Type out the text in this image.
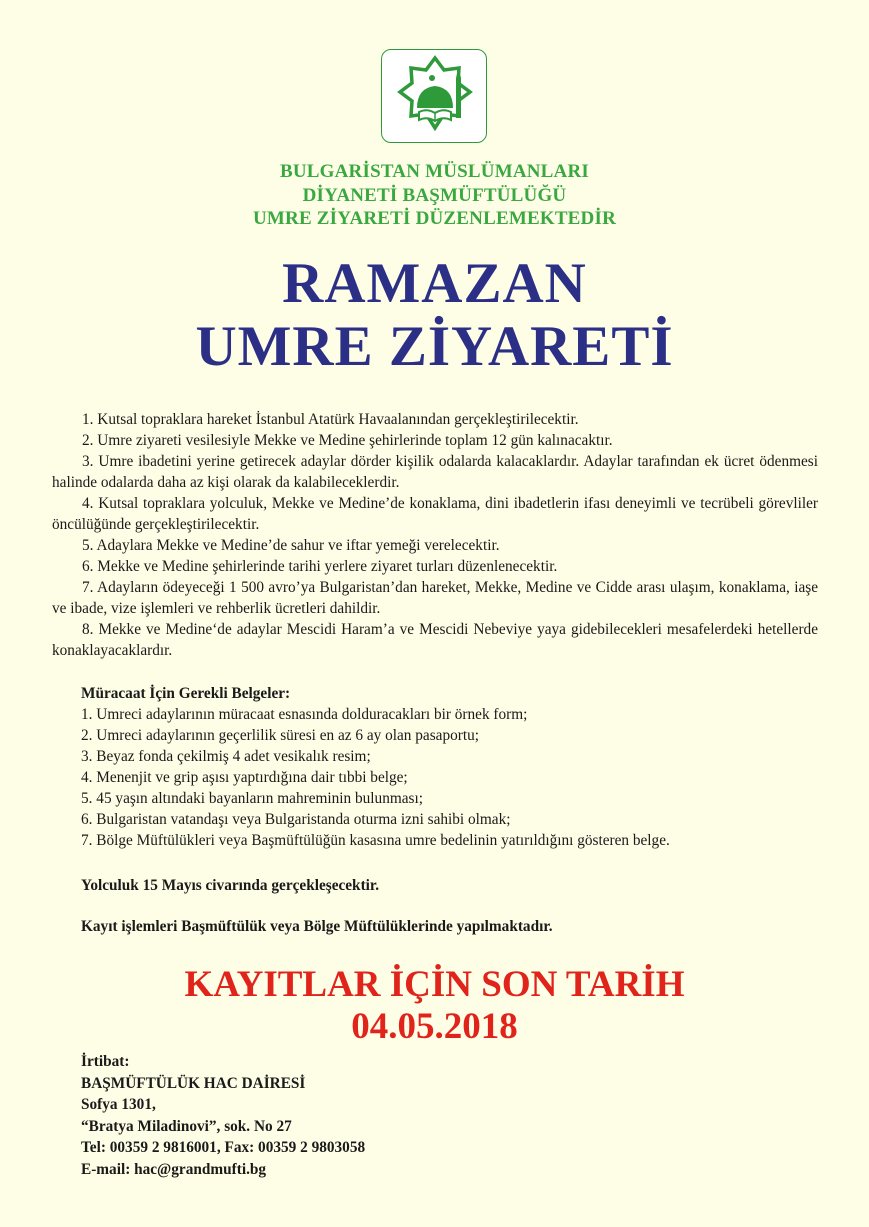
BULGARİSTAN MÜSLÜMANLARI
DİYANETİ BAŞMÜFTÜLÜĞÜ
UMRE ZİYARETİ DÜZENLEMEKTEDİR
RAMAZAN
UMRE ZİYARETİ

1. Kutsal topraklara hareket İstanbul Atatürk Havaalanından gerçekleştirilecektir.

2. Umre ziyareti vesilesiyle Mekke ve Medine şehirlerinde toplam 12 gün kalınacaktır.

3. Umre ibadetini yerine getirecek adaylar dörder kişilik odalarda kalacaklardır. Adaylar tarafından ek ücret ödenmesi halinde odalarda daha az kişi olarak da kalabileceklerdir.

4. Kutsal topraklara yolculuk, Mekke ve Medine’de konaklama, dini ibadetlerin ifası deneyimli ve tecrübeli görevliler öncülüğünde gerçekleştirilecektir.

5. Adaylara Mekke ve Medine’de sahur ve iftar yemeği verelecektir.

6. Mekke ve Medine şehirlerinde tarihi yerlere ziyaret turları düzenlenecektir.

7. Adayların ödeyeceği 1 500 avro’ya Bulgaristan’dan hareket, Mekke, Medine ve Cidde arası ulaşım, konaklama, iaşe ve ibade, vize işlemleri ve rehberlik ücretleri dahildir.

8. Mekke ve Medine‘de adaylar Mescidi Haram’a ve Mescidi Nebeviye yaya gidebilecekleri mesafelerdeki hetellerde konaklayacaklardır.

Müracaat İçin Gerekli Belgeler:
1. Umreci adaylarının müracaat esnasında dolduracakları bir örnek form;
2. Umreci adaylarının geçerlilik süresi en az 6 ay olan pasaportu;
3. Beyaz fonda çekilmiş 4 adet vesikalık resim;
4. Menenjit ve grip aşısı yaptırdığına dair tıbbi belge;
5. 45 yaşın altındaki bayanların mahreminin bulunması;
6. Bulgaristan vatandaşı veya Bulgaristanda oturma izni sahibi olmak;
7. Bölge Müftülükleri veya Başmüftülüğün kasasına umre bedelinin yatırıldığını gösteren belge.
Yolculuk 15 Mayıs civarında gerçekleşecektir.
Kayıt işlemleri Başmüftülük veya Bölge Müftülüklerinde yapılmaktadır.
KAYITLAR İÇİN SON TARİH
04.05.2018
İrtibat:
BAŞMÜFTÜLÜK HAC DAİRESİ
Sofya 1301,
“Bratya Miladinovi”, sok. No 27
Tel: 00359 2 9816001, Fax: 00359 2 9803058
E-mail: hac@grandmufti.bg
